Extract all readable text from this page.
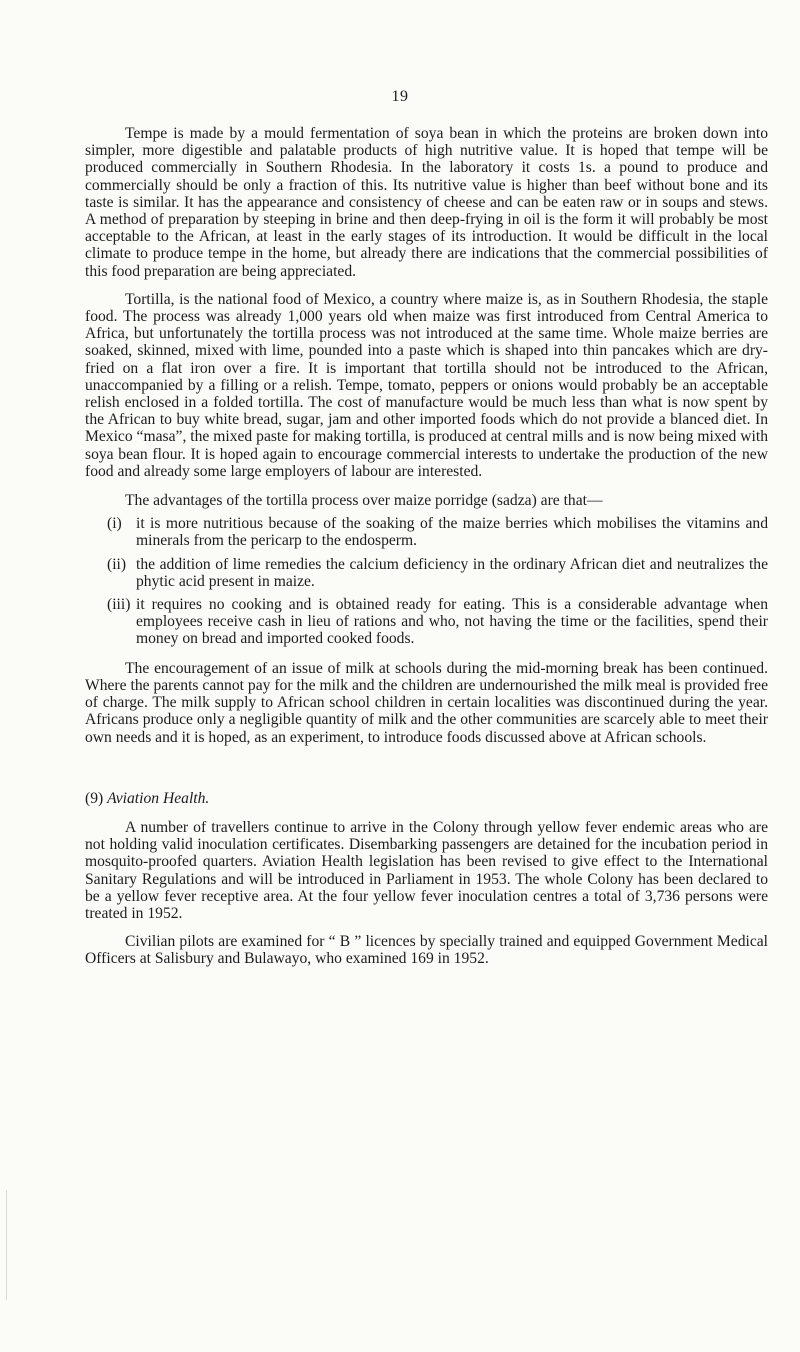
19

Tempe is made by a mould fermentation of soya bean in which the proteins are broken down into simpler, more digestible and palatable products of high nutritive value. It is hoped that tempe will be produced commercially in Southern Rhodesia. In the laboratory it costs 1s. a pound to produce and commercially should be only a fraction of this. Its nutritive value is higher than beef without bone and its taste is similar. It has the appearance and consistency of cheese and can be eaten raw or in soups and stews. A method of preparation by steeping in brine and then deep-frying in oil is the form it will probably be most acceptable to the African, at least in the early stages of its introduction. It would be difficult in the local climate to produce tempe in the home, but already there are indications that the commercial possibilities of this food preparation are being appreciated.

Tortilla, is the national food of Mexico, a country where maize is, as in Southern Rhodesia, the staple food. The process was already 1,000 years old when maize was first introduced from Central America to Africa, but unfortunately the tortilla process was not introduced at the same time. Whole maize berries are soaked, skinned, mixed with lime, pounded into a paste which is shaped into thin pancakes which are dry-fried on a flat iron over a fire. It is important that tortilla should not be introduced to the African, unaccompanied by a filling or a relish. Tempe, tomato, peppers or onions would probably be an acceptable relish enclosed in a folded tortilla. The cost of manufacture would be much less than what is now spent by the African to buy white bread, sugar, jam and other imported foods which do not provide a blanced diet. In Mexico “masa”, the mixed paste for making tortilla, is produced at central mills and is now being mixed with soya bean flour. It is hoped again to encourage commercial interests to undertake the production of the new food and already some large employers of labour are interested.

The advantages of the tortilla process over maize porridge (sadza) are that—

(i) it is more nutritious because of the soaking of the maize berries which mobilises the vitamins and minerals from the pericarp to the endosperm.
(ii) the addition of lime remedies the calcium deficiency in the ordinary African diet and neutralizes the phytic acid present in maize.
(iii) it requires no cooking and is obtained ready for eating. This is a considerable advantage when employees receive cash in lieu of rations and who, not having the time or the facilities, spend their money on bread and imported cooked foods.

The encouragement of an issue of milk at schools during the mid-morning break has been continued. Where the parents cannot pay for the milk and the children are undernourished the milk meal is provided free of charge. The milk supply to African school children in certain localities was discontinued during the year. Africans produce only a negligible quantity of milk and the other communities are scarcely able to meet their own needs and it is hoped, as an experiment, to introduce foods discussed above at African schools.

(9) Aviation Health.

A number of travellers continue to arrive in the Colony through yellow fever endemic areas who are not holding valid inoculation certificates. Disembarking passengers are detained for the incubation period in mosquito-proofed quarters. Aviation Health legislation has been revised to give effect to the International Sanitary Regulations and will be introduced in Parliament in 1953. The whole Colony has been declared to be a yellow fever receptive area. At the four yellow fever inoculation centres a total of 3,736 persons were treated in 1952.

Civilian pilots are examined for “ B ” licences by specially trained and equipped Government Medical Officers at Salisbury and Bulawayo, who examined 169 in 1952.
